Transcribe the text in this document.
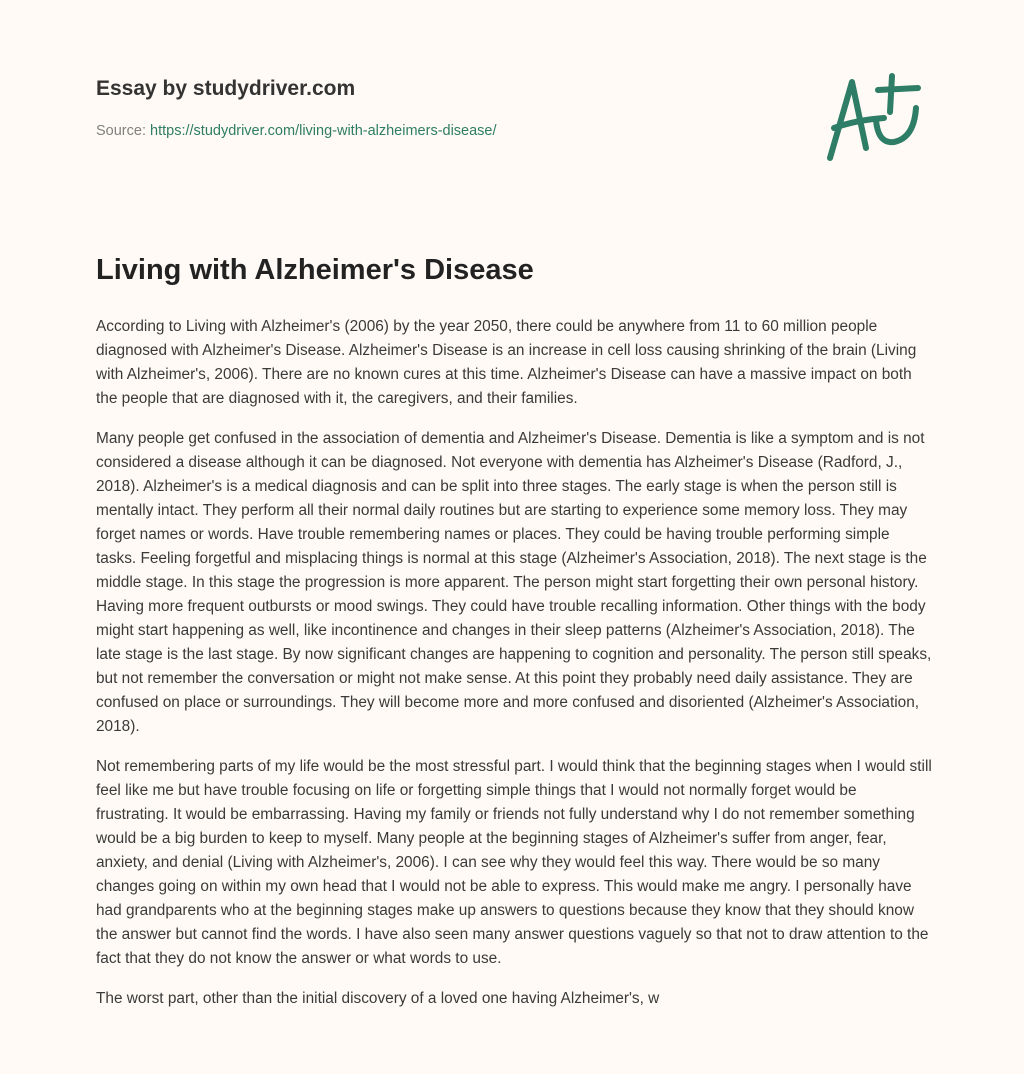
Essay by studydriver.com
Source: https://studydriver.com/living-with-alzheimers-disease/
Living with Alzheimer's Disease

According to Living with Alzheimer's (2006) by the year 2050, there could be anywhere from 11 to 60 million people diagnosed with Alzheimer's Disease. Alzheimer's Disease is an increase in cell loss causing shrinking of the brain (Living with Alzheimer's, 2006). There are no known cures at this time. Alzheimer's Disease can have a massive impact on both the people that are diagnosed with it, the caregivers, and their families.

Many people get confused in the association of dementia and Alzheimer's Disease. Dementia is like a symptom and is not considered a disease although it can be diagnosed. Not everyone with dementia has Alzheimer's Disease (Radford, J., 2018). Alzheimer's is a medical diagnosis and can be split into three stages. The early stage is when the person still is mentally intact. They perform all their normal daily routines but are starting to experience some memory loss. They may forget names or words. Have trouble remembering names or places. They could be having trouble performing simple tasks. Feeling forgetful and misplacing things is normal at this stage (Alzheimer's Association, 2018). The next stage is the middle stage. In this stage the progression is more apparent. The person might start forgetting their own personal history. Having more frequent outbursts or mood swings. They could have trouble recalling information. Other things with the body might start happening as well, like incontinence and changes in their sleep patterns (Alzheimer's Association, 2018). The late stage is the last stage. By now significant changes are happening to cognition and personality. The person still speaks, but not remember the conversation or might not make sense. At this point they probably need daily assistance. They are confused on place or surroundings. They will become more and more confused and disoriented (Alzheimer's Association, 2018).

Not remembering parts of my life would be the most stressful part. I would think that the beginning stages when I would still feel like me but have trouble focusing on life or forgetting simple things that I would not normally forget would be frustrating. It would be embarrassing. Having my family or friends not fully understand why I do not remember something would be a big burden to keep to myself. Many people at the beginning stages of Alzheimer's suffer from anger, fear, anxiety, and denial (Living with Alzheimer's, 2006). I can see why they would feel this way. There would be so many changes going on within my own head that I would not be able to express. This would make me angry. I personally have had grandparents who at the beginning stages make up answers to questions because they know that they should know the answer but cannot find the words. I have also seen many answer questions vaguely so that not to draw attention to the fact that they do not know the answer or what words to use.

The worst part, other than the initial discovery of a loved one having Alzheimer's, w
